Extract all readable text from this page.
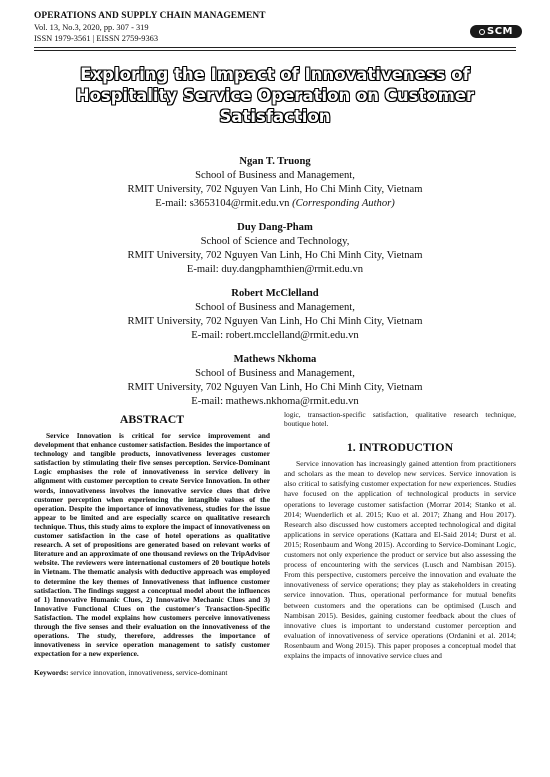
OPERATIONS AND SUPPLY CHAIN MANAGEMENT
Vol. 13, No.3, 2020, pp. 307 - 319
ISSN 1979-3561 | EISSN 2759-9363
SCM
Exploring the Impact of Innovativeness of Hospitality Service Operation on Customer Satisfaction
Ngan T. Truong
School of Business and Management,
RMIT University, 702 Nguyen Van Linh, Ho Chi Minh City, Vietnam
E-mail: s3653104@rmit.edu.vn (Corresponding Author)
Duy Dang-Pham
School of Science and Technology,
RMIT University, 702 Nguyen Van Linh, Ho Chi Minh City, Vietnam
E-mail: duy.dangphamthien@rmit.edu.vn
Robert McClelland
School of Business and Management,
RMIT University, 702 Nguyen Van Linh, Ho Chi Minh City, Vietnam
E-mail: robert.mcclelland@rmit.edu.vn
Mathews Nkhoma
School of Business and Management,
RMIT University, 702 Nguyen Van Linh, Ho Chi Minh City, Vietnam
E-mail: mathews.nkhoma@rmit.edu.vn
ABSTRACT
Service Innovation is critical for service improvement and development that enhance customer satisfaction. Besides the importance of technology and tangible products, innovativeness leverages customer satisfaction by stimulating their five senses perception. Service-Dominant Logic emphasises the role of innovativeness in service delivery in alignment with customer perception to create Service Innovation. In other words, innovativeness involves the innovative service clues that drive customer perception when experiencing the intangible values of the operation. Despite the importance of innovativeness, studies for the issue appear to be limited and are especially scarce on qualitative research technique. Thus, this study aims to explore the impact of innovativeness on customer satisfaction in the case of hotel operations as qualitative research. A set of propositions are generated based on relevant works of literature and an approximate of one thousand reviews on the TripAdvisor website. The reviewers were international customers of 20 boutique hotels in Vietnam. The thematic analysis with deductive approach was employed to determine the key themes of Innovativeness that influence customer satisfaction. The findings suggest a conceptual model about the influences of 1) Innovative Humanic Clues, 2) Innovative Mechanic Clues and 3) Innovative Functional Clues on the customer's Transaction-Specific Satisfaction. The model explains how customers perceive innovativeness through the five senses and their evaluation on the innovativeness of the operations. The study, therefore, addresses the importance of innovativeness in service operation management to satisfy customer expectation for a new experience.
Keywords: service innovation, innovativeness, service-dominant
logic, transaction-specific satisfaction, qualitative research technique, boutique hotel.
1. INTRODUCTION
Service innovation has increasingly gained attention from practitioners and scholars as the mean to develop new services. Service innovation is also critical to satisfying customer expectation for new experiences. Studies have focused on the application of technological products in service operations to leverage customer satisfaction (Morrar 2014; Stanko et al. 2014; Wuenderlich et al. 2015; Kuo et al. 2017; Zhang and Hou 2017). Research also discussed how customers accepted technological and digital applications in service operations (Kattara and El-Said 2014; Durst et al. 2015; Rosenbaum and Wong 2015). According to Service-Dominant Logic, customers not only experience the product or service but also assessing the process of encountering with the services (Lusch and Nambisan 2015). From this perspective, customers perceive the innovation and evaluate the innovativeness of service operations; they play as stakeholders in creating service innovation. Thus, operational performance for mutual benefits between customers and the operations can be optimised (Lusch and Nambisan 2015). Besides, gaining customer feedback about the clues of innovative clues is important to understand customer perception and evaluation of innovativeness of service operations (Ordanini et al. 2014; Rosenbaum and Wong 2015). This paper proposes a conceptual model that explains the impacts of innovative service clues and
